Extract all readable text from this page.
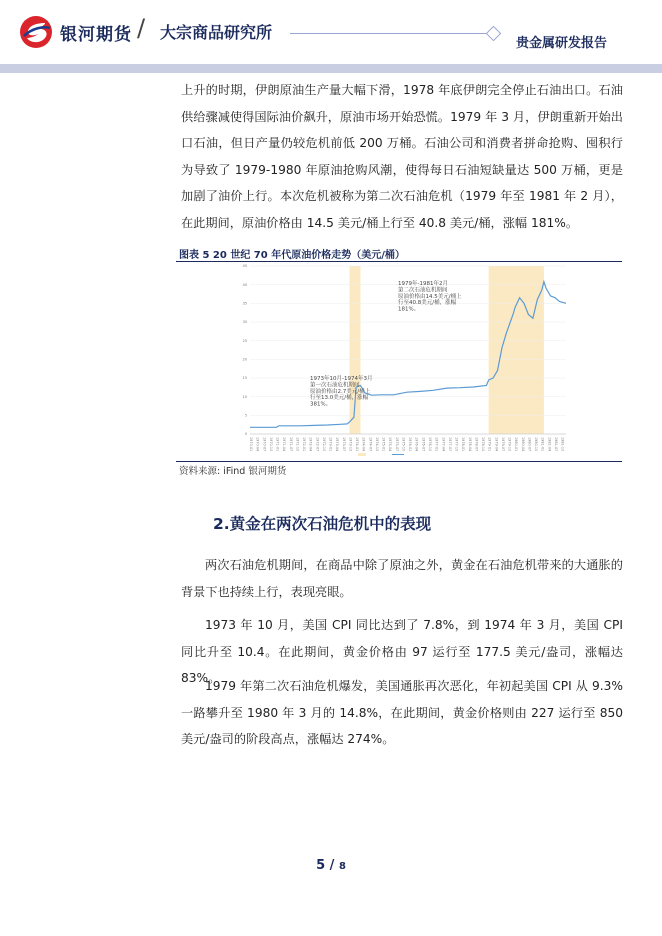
银河期货 / 大宗商品研究所
贵金属研发报告
上升的时期，伊朗原油生产量大幅下滑，1978 年底伊朗完全停止石油出口。石油供给骤减使得国际油价飙升，原油市场开始恐慌。1979 年 3 月，伊朗重新开始出口石油，但日产量仍较危机前低 200 万桶。石油公司和消费者拼命抢购、囤积行为导致了 1979-1980 年原油抢购风潮，使得每日石油短缺量达 500 万桶，更是加剧了油价上行。本次危机被称为第二次石油危机（1979 年至 1981 年 2 月），在此期间，原油价格由 14.5 美元/桶上行至 40.8 美元/桶，涨幅 181%。
图表 5 20 世纪 70 年代原油价格走势（美元/桶）
0
5
10
15
20
25
30
35
40
45
1970-01 1970-04 1970-07 1970-10 1971-01 1971-04 1971-07 1971-10 1972-01 1972-04 1972-07 1972-10 1973-01 1973-04 1973-07 1973-10 1974-01 1974-04 1974-07 1974-10 1975-01 1975-04 1975-07 1975-10 1976-01 1976-04 1976-07 1976-10 1977-01 1977-04 1977-07 1977-10 1978-01 1978-04 1978-07 1978-10 1979-01 1979-04 1979-07 1979-10 1980-01 1980-04 1980-07 1980-10 1981-01 1981-04 1981-07 1981-10
1973年10月-1974年3月第一次石油危机期间原油价格由2.7美元/桶上行至13.0美元/桶，涨幅 381%。
1979年-1981年2月第二次石油危机期间原油价格由14.5美元/桶上行至40.8美元/桶，涨幅 181%。
资料来源: iFind 银河期货
2.黄金在两次石油危机中的表现
两次石油危机期间，在商品中除了原油之外，黄金在石油危机带来的大通胀的背景下也持续上行，表现亮眼。
1973 年 10 月，美国 CPI 同比达到了 7.8%，到 1974 年 3 月，美国 CPI 同比升至 10.4。在此期间，黄金价格由 97 运行至 177.5 美元/盎司，涨幅达 83%。
1979 年第二次石油危机爆发，美国通胀再次恶化，年初起美国 CPI 从 9.3%一路攀升至 1980 年 3 月的 14.8%，在此期间，黄金价格则由 227 运行至 850 美元/盎司的阶段高点，涨幅达 274%。
5 / 8
